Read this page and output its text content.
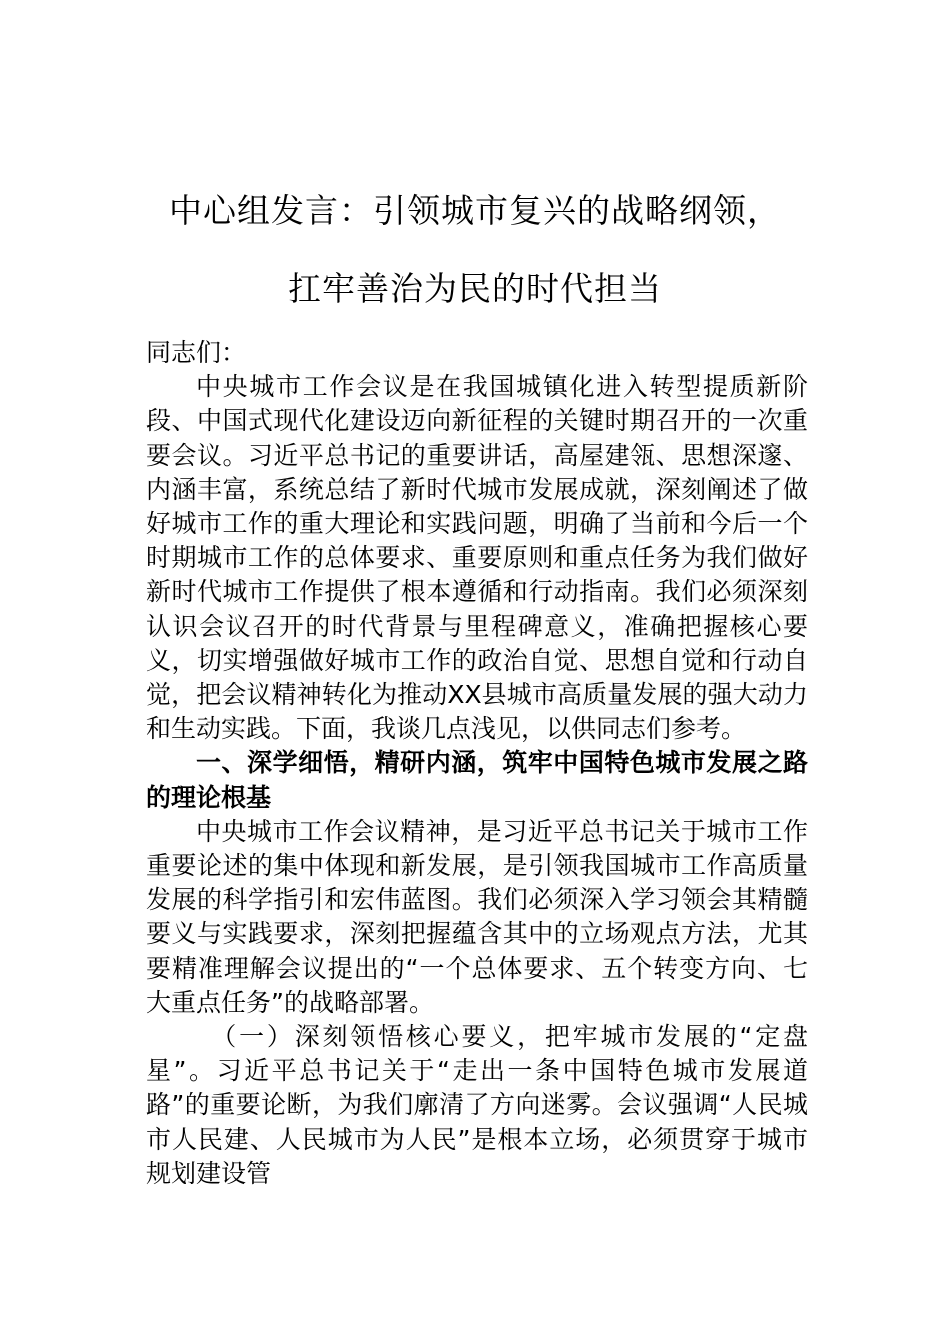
中心组发言：引领城市复兴的战略纲领，
扛牢善治为民的时代担当

同志们：

中央城市工作会议是在我国城镇化进入转型提质新阶段、中国式现代化建设迈向新征程的关键时期召开的一次重要会议。习近平总书记的重要讲话，高屋建瓴、思想深邃、内涵丰富，系统总结了新时代城市发展成就，深刻阐述了做好城市工作的重大理论和实践问题，明确了当前和今后一个时期城市工作的总体要求、重要原则和重点任务为我们做好新时代城市工作提供了根本遵循和行动指南。我们必须深刻认识会议召开的时代背景与里程碑意义，准确把握核心要义，切实增强做好城市工作的政治自觉、思想自觉和行动自觉，把会议精神转化为推动XX县城市高质量发展的强大动力和生动实践。下面，我谈几点浅见，以供同志们参考。

一、深学细悟，精研内涵，筑牢中国特色城市发展之路的理论根基

中央城市工作会议精神，是习近平总书记关于城市工作重要论述的集中体现和新发展，是引领我国城市工作高质量发展的科学指引和宏伟蓝图。我们必须深入学习领会其精髓要义与实践要求，深刻把握蕴含其中的立场观点方法，尤其要精准理解会议提出的“一个总体要求、五个转变方向、七大重点任务”的战略部署。

（一）深刻领悟核心要义，把牢城市发展的“定盘星”。习近平总书记关于“走出一条中国特色城市发展道路”的重要论断，为我们廓清了方向迷雾。会议强调“人民城市人民建、人民城市为人民”是根本立场，必须贯穿于城市规划建设管
